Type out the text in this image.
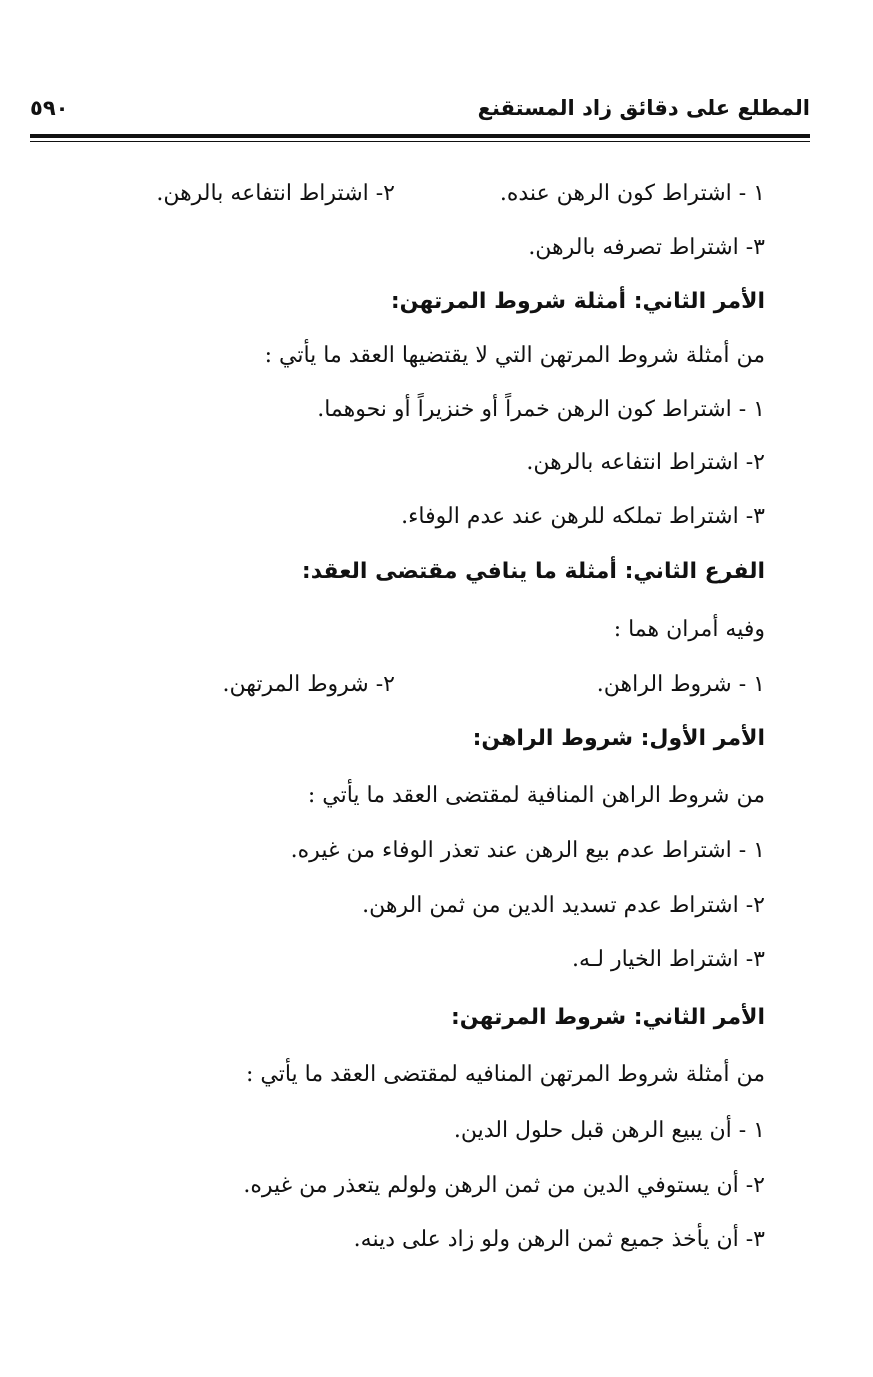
المطلع على دقائق زاد المستقنع
٥٩٠
١ - اشتراط كون الرهن عنده.
٢- اشتراط انتفاعه بالرهن.
٣- اشتراط تصرفه بالرهن.
الأمر الثاني: أمثلة شروط المرتهن:
من أمثلة شروط المرتهن التي لا يقتضيها العقد ما يأتي :
١ - اشتراط كون الرهن خمراً أو خنزيراً أو نحوهما.
٢- اشتراط انتفاعه بالرهن.
٣- اشتراط تملكه للرهن عند عدم الوفاء.
الفرع الثاني: أمثلة ما ينافي مقتضى العقد:
وفيه أمران هما :
١ - شروط الراهن.
٢- شروط المرتهن.
الأمر الأول: شروط الراهن:
من شروط الراهن المنافية لمقتضى العقد ما يأتي :
١ - اشتراط عدم بيع الرهن عند تعذر الوفاء من غيره.
٢- اشتراط عدم تسديد الدين من ثمن الرهن.
٣- اشتراط الخيار لـه.
الأمر الثاني: شروط المرتهن:
من أمثلة شروط المرتهن المنافيه لمقتضى العقد ما يأتي :
١ - أن يبيع الرهن قبل حلول الدين.
٢- أن يستوفي الدين من ثمن الرهن ولولم يتعذر من غيره.
٣- أن يأخذ جميع ثمن الرهن ولو زاد على دينه.
